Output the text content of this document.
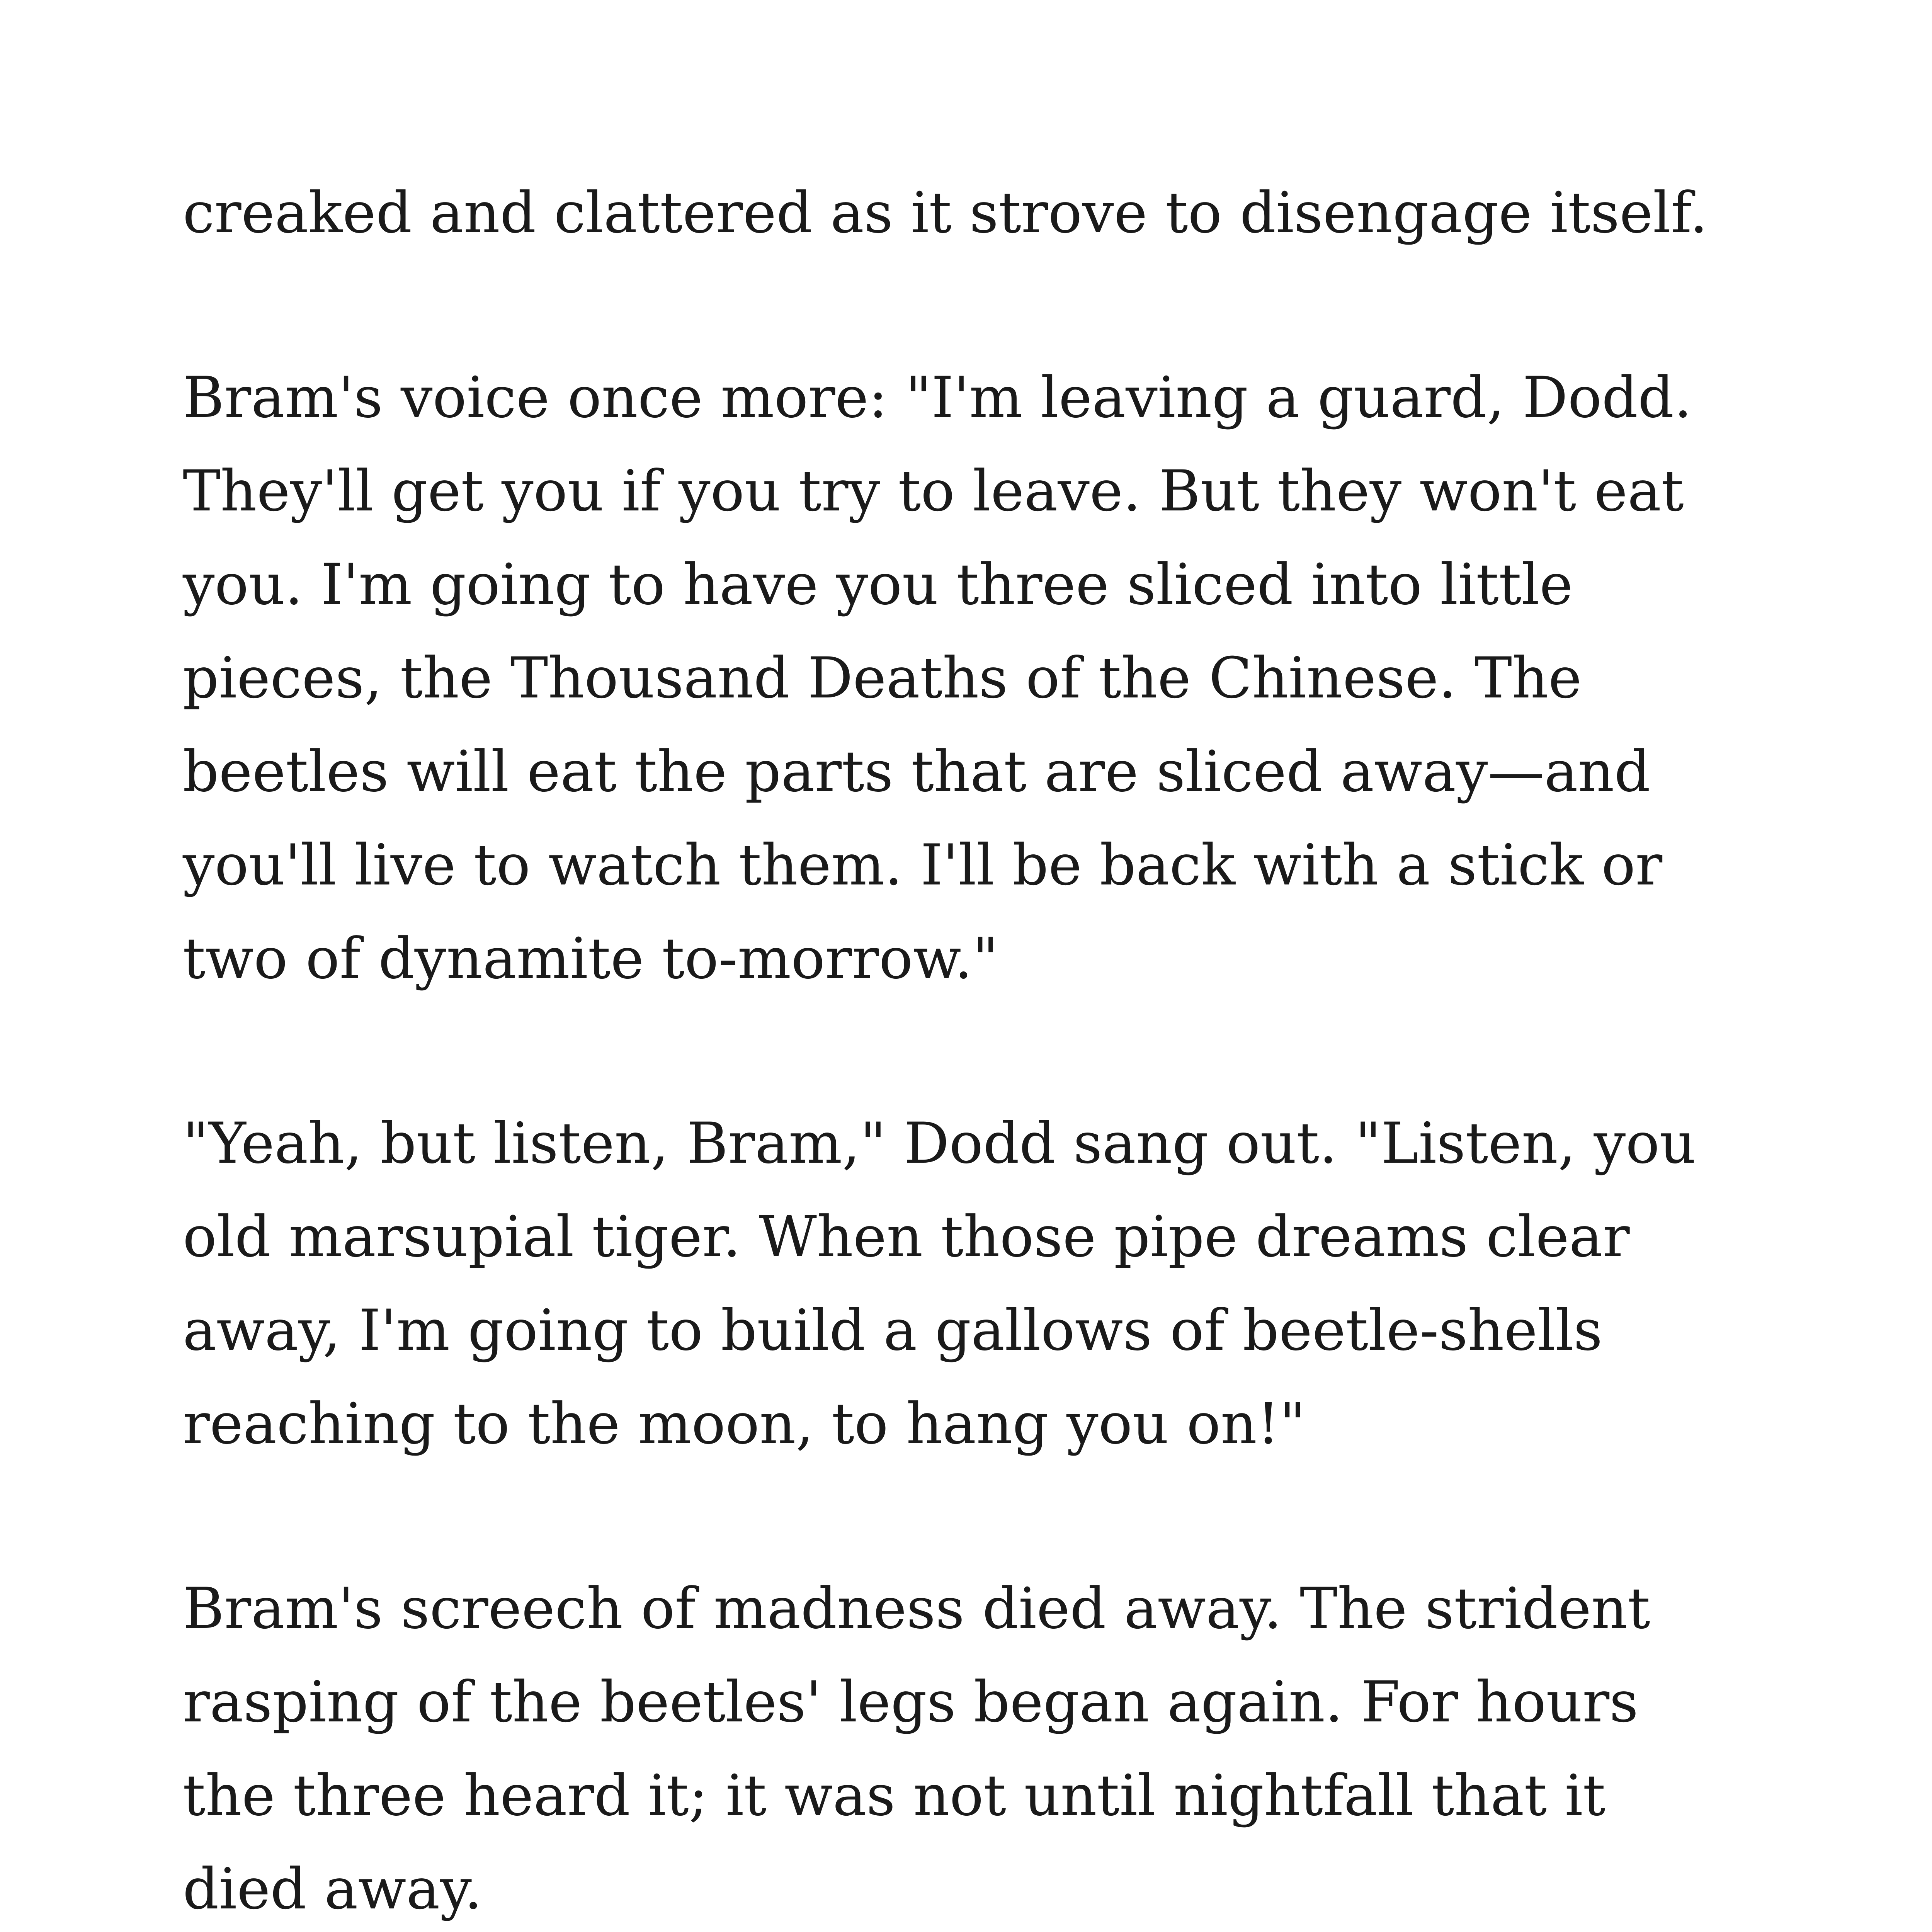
creaked and clattered as it strove to disengage itself.

Bram's voice once more: "I'm leaving a guard, Dodd.
They'll get you if you try to leave. But they won't eat
you. I'm going to have you three sliced into little
pieces, the Thousand Deaths of the Chinese. The
beetles will eat the parts that are sliced away—and
you'll live to watch them. I'll be back with a stick or
two of dynamite to-morrow."

"Yeah, but listen, Bram," Dodd sang out. "Listen, you
old marsupial tiger. When those pipe dreams clear
away, I'm going to build a gallows of beetle-shells
reaching to the moon, to hang you on!"

Bram's screech of madness died away. The strident
rasping of the beetles' legs began again. For hours
the three heard it; it was not until nightfall that it
died away.
